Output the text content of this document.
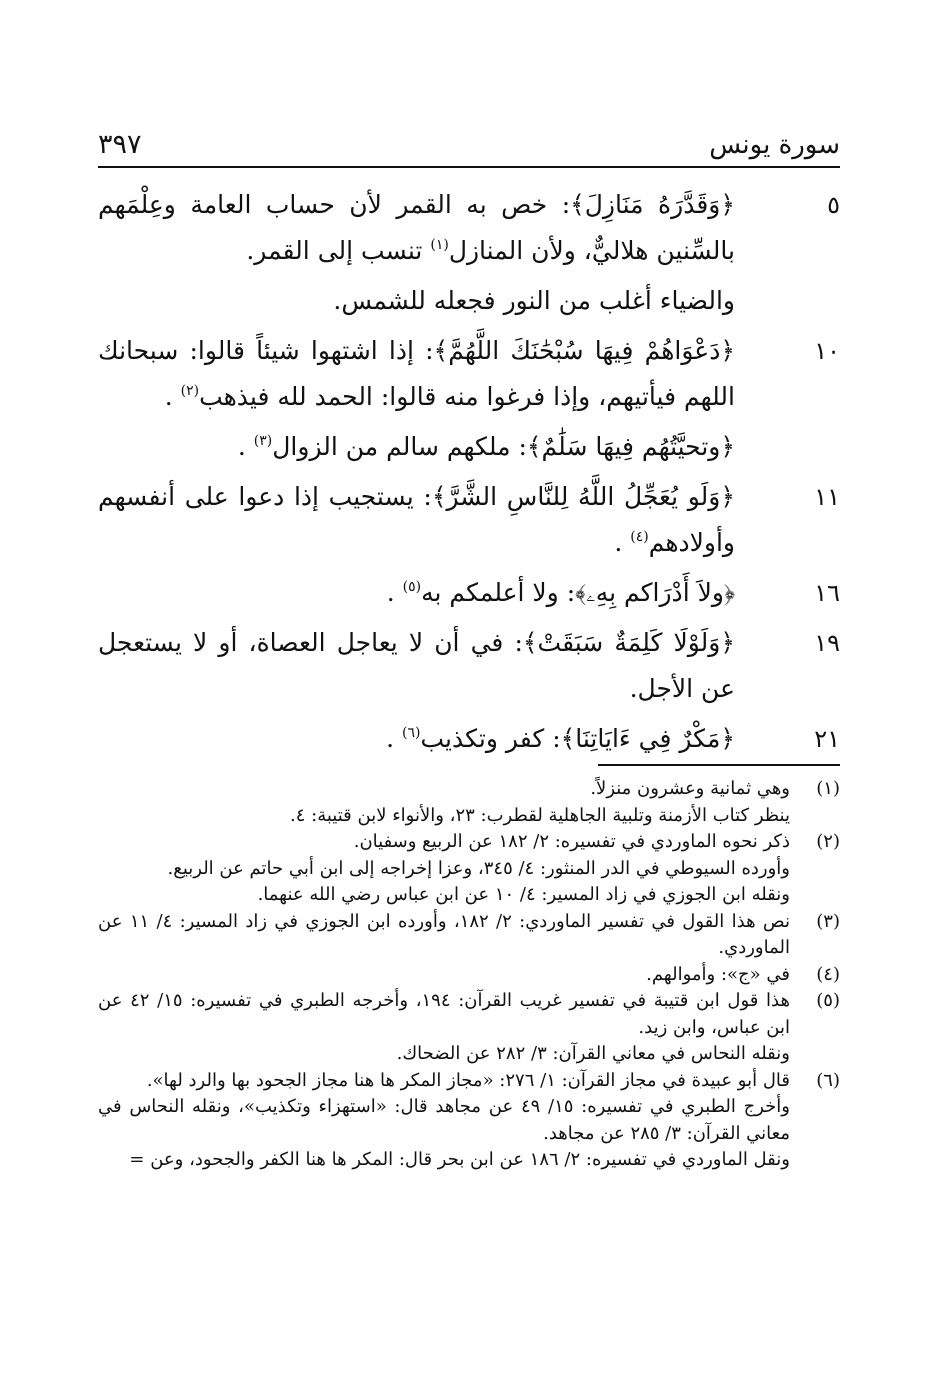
سورة يونس
٣٩٧
٥
﴿وَقَدَّرَهُ مَنَازِلَ﴾: خص به القمر لأن حساب العامة وعِلْمَهم بالسِّنين هلاليٌّ، ولأن المنازل$^{(١)}$ تنسب إلى القمر.
والضياء أغلب من النور فجعله للشمس.
١٠
﴿دَعْوَاهُمْ فِيهَا سُبْحَٰنَكَ اللَّهُمَّ﴾: إذا اشتهوا شيئاً قالوا: سبحانك اللهم فيأتيهم، وإذا فرغوا منه قالوا: الحمد لله فيذهب$^{(٢)}$ .
﴿وتحيَّتُهُم فِيهَا سَلَٰمٌ﴾: ملكهم سالم من الزوال$^{(٣)}$ .
١١
﴿وَلَو يُعَجِّلُ اللَّهُ لِلنَّاسِ الشَّرَّ﴾: يستجيب إذا دعوا على أنفسهم وأولادهم$^{(٤)}$ .
١٦
﴿ولاَ أَدْرَاكم بِهِۦ﴾: ولا أعلمكم به$^{(٥)}$ .
١٩
﴿وَلَوْلَا كَلِمَةٌ سَبَقَتْ﴾: في أن لا يعاجل العصاة، أو لا يستعجل عن الأجل.
٢١
﴿مَكْرٌ فِي ءَايَاتِنَا﴾: كفر وتكذيب$^{(٦)}$ .
(١)
وهي ثمانية وعشرون منزلاً.
ينظر كتاب الأزمنة وتلبية الجاهلية لقطرب: ٢٣، والأنواء لابن قتيبة: ٤.
(٢)
ذكر نحوه الماوردي في تفسيره: ٢/ ١٨٢ عن الربيع وسفيان.
وأورده السيوطي في الدر المنثور: ٤/ ٣٤٥، وعزا إخراجه إلى ابن أبي حاتم عن الربيع.
ونقله ابن الجوزي في زاد المسير: ٤/ ١٠ عن ابن عباس رضي الله عنهما.
(٣)
نص هذا القول في تفسير الماوردي: ٢/ ١٨٢، وأورده ابن الجوزي في زاد المسير: ٤/ ١١ عن الماوردي.
(٤)
في «ج»: وأموالهم.
(٥)
هذا قول ابن قتيبة في تفسير غريب القرآن: ١٩٤، وأخرجه الطبري في تفسيره: ١٥/ ٤٢ عن ابن عباس، وابن زيد.
ونقله النحاس في معاني القرآن: ٣/ ٢٨٢ عن الضحاك.
(٦)
قال أبو عبيدة في مجاز القرآن: ١/ ٢٧٦: «مجاز المكر ها هنا مجاز الجحود بها والرد لها».
وأخرج الطبري في تفسيره: ١٥/ ٤٩ عن مجاهد قال: «استهزاء وتكذيب»، ونقله النحاس في معاني القرآن: ٣/ ٢٨٥ عن مجاهد.
ونقل الماوردي في تفسيره: ٢/ ١٨٦ عن ابن بحر قال: المكر ها هنا الكفر والجحود، وعن =
